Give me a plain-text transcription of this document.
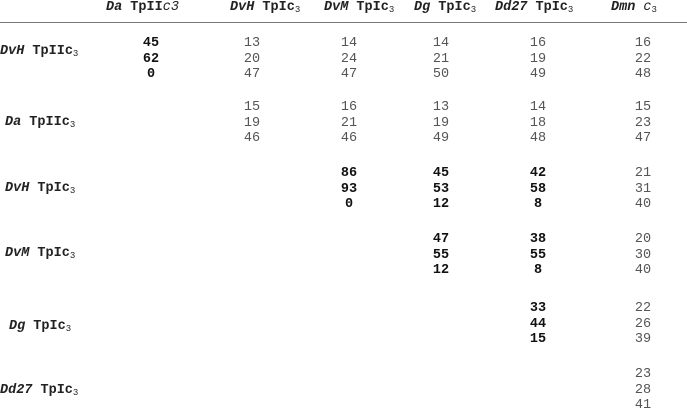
Da TpIIc3	DvH TpIc$_3$ DvM TpIc$_3$ Dg TpIc$_3$ Dd27 TpIc$_3$	Dmn $c_3$
DvH TpIIc$_3$
Da TpIIc$_3$
DvH TpIc$_3$
DvM TpIc$_3$
Dg TpIc$_3$
Dd27 TpIc$_3$
45
62
0
13
20
47
14
24
47
14
21
50
16
19
49
16
22
48
15
19
46
16
21
46
13
19
49
14
18
48
15
23
47
86
93
0
45
53
12
42
58
8
21
31
40
47
55
12
38
55
8
20
30
40
33
44
15
22
26
39
23
28
41
